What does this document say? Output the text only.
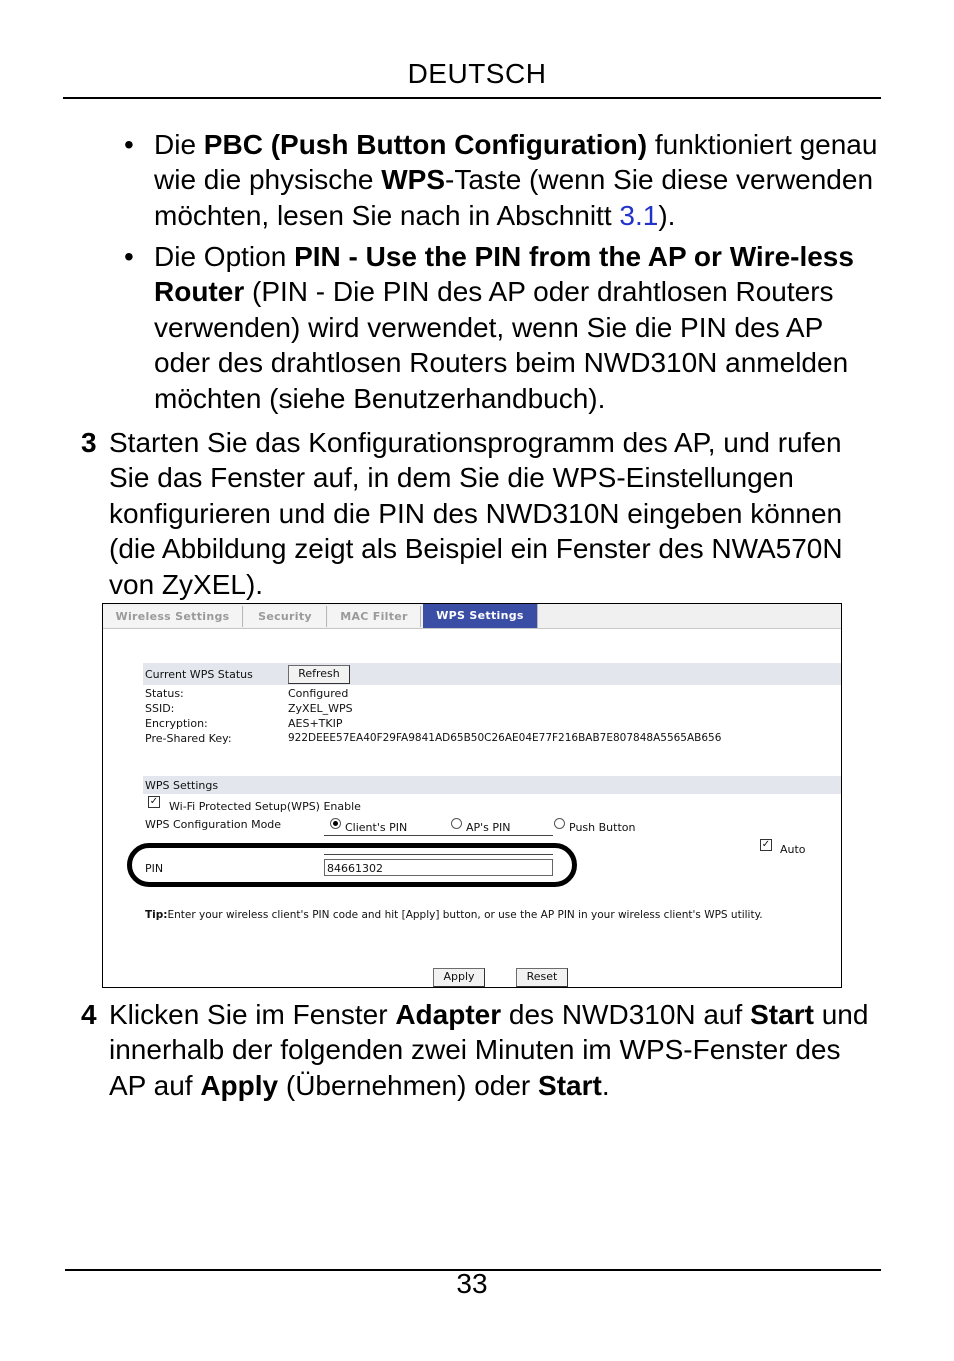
DEUTSCH
• Die PBC (Push Button Configuration) funktioniert genau wie die physische WPS-Taste (wenn Sie diese verwenden möchten, lesen Sie nach in Abschnitt 3.1).
• Die Option PIN - Use the PIN from the AP or Wire-less Router (PIN - Die PIN des AP oder drahtlosen Routers verwenden) wird verwendet, wenn Sie die PIN des AP oder des drahtlosen Routers beim NWD310N anmelden möchten (siehe Benutzerhandbuch).
3 Starten Sie das Konfigurationsprogramm des AP, und rufen Sie das Fenster auf, in dem Sie die WPS-Einstellungen konfigurieren und die PIN des NWD310N eingeben können (die Abbildung zeigt als Beispiel ein Fenster des NWA570N von ZyXEL).
Wireless Settings	Security	MAC Filter	WPS Settings
Current WPS Status	Refresh
Status:	Configured
SSID:	ZyXEL_WPS
Encryption:	AES+TKIP
Pre-Shared Key:	922DEEE57EA40F29FA9841AD65B50C26AE04E77F216BAB7E807848A5565AB656
WPS Settings
✓ Wi-Fi Protected Setup(WPS) Enable
WPS Configuration Mode	Client's PIN	AP's PIN	Push Button
✓ Auto
PIN	84661302
Tip:Enter your wireless client's PIN code and hit [Apply] button, or use the AP PIN in your wireless client's WPS utility.
Apply	Reset
4 Klicken Sie im Fenster Adapter des NWD310N auf Start und innerhalb der folgenden zwei Minuten im WPS-Fenster des AP auf Apply (Übernehmen) oder Start.
33
